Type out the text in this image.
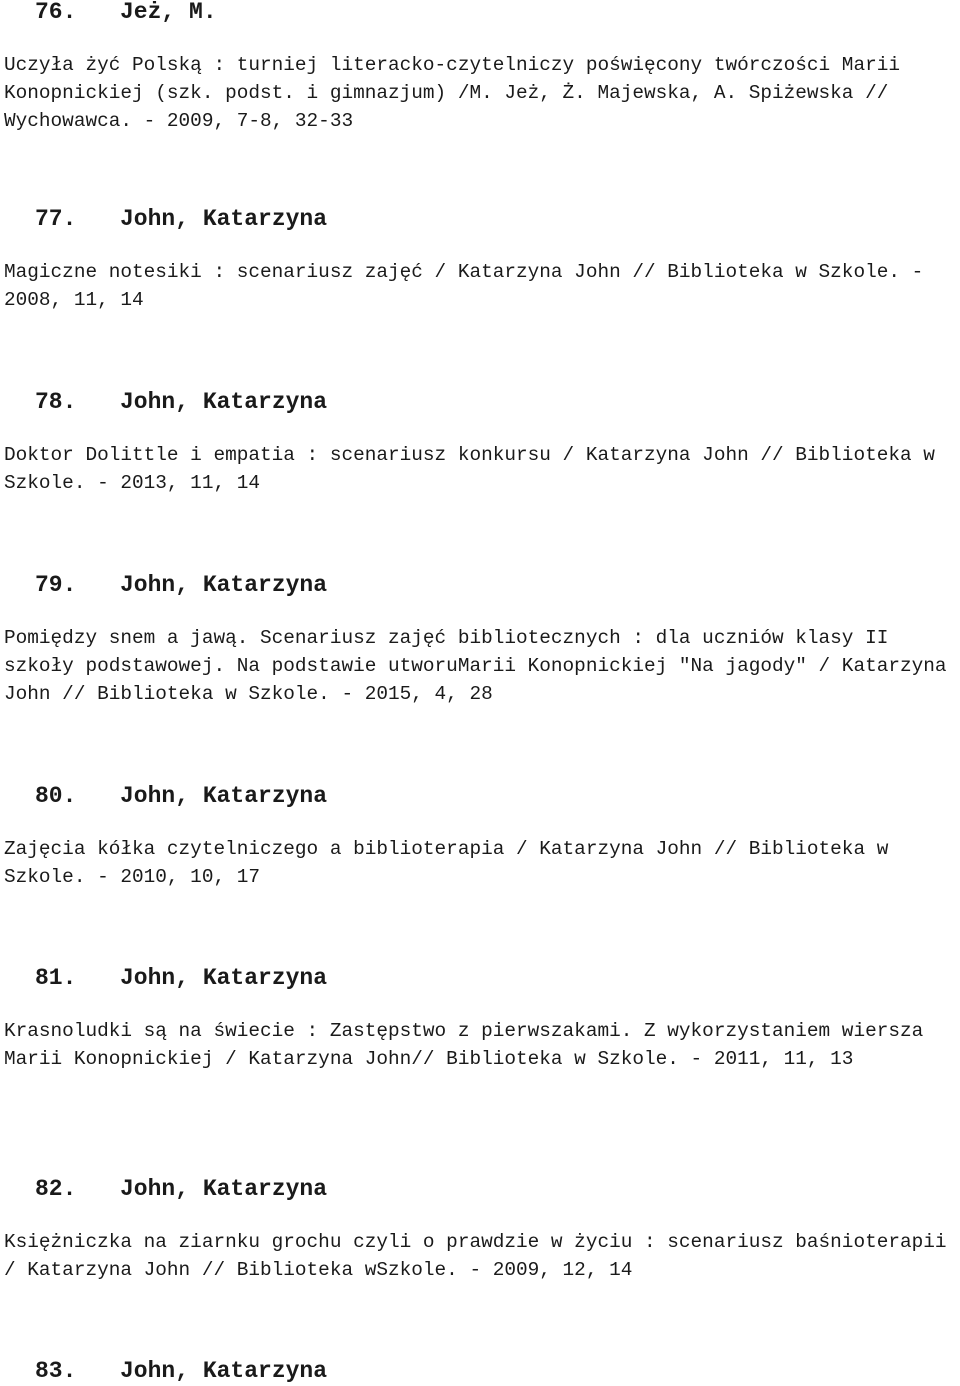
76. Jeż, M.

Uczyła żyć Polską : turniej literacko-czytelniczy poświęcony twórczości Marii Konopnickiej (szk. podst. i gimnazjum) /M. Jeż, Ż. Majewska, A. Spiżewska // Wychowawca. - 2009, 7-8, 32-33

77. John, Katarzyna

Magiczne notesiki : scenariusz zajęć / Katarzyna John // Biblioteka w Szkole. - 2008, 11, 14

78. John, Katarzyna

Doktor Dolittle i empatia : scenariusz konkursu / Katarzyna John // Biblioteka w Szkole. - 2013, 11, 14

79. John, Katarzyna

Pomiędzy snem a jawą. Scenariusz zajęć bibliotecznych : dla uczniów klasy II szkoły podstawowej. Na podstawie utworuMarii Konopnickiej "Na jagody" / Katarzyna John // Biblioteka w Szkole. - 2015, 4, 28

80. John, Katarzyna

Zajęcia kółka czytelniczego a biblioterapia / Katarzyna John // Biblioteka w Szkole. - 2010, 10, 17

81. John, Katarzyna

Krasnoludki są na świecie : Zastępstwo z pierwszakami. Z wykorzystaniem wiersza Marii Konopnickiej / Katarzyna John// Biblioteka w Szkole. - 2011, 11, 13

82. John, Katarzyna

Księżniczka na ziarnku grochu czyli o prawdzie w życiu : scenariusz baśnioterapii / Katarzyna John // Biblioteka wSzkole. - 2009, 12, 14

83. John, Katarzyna
